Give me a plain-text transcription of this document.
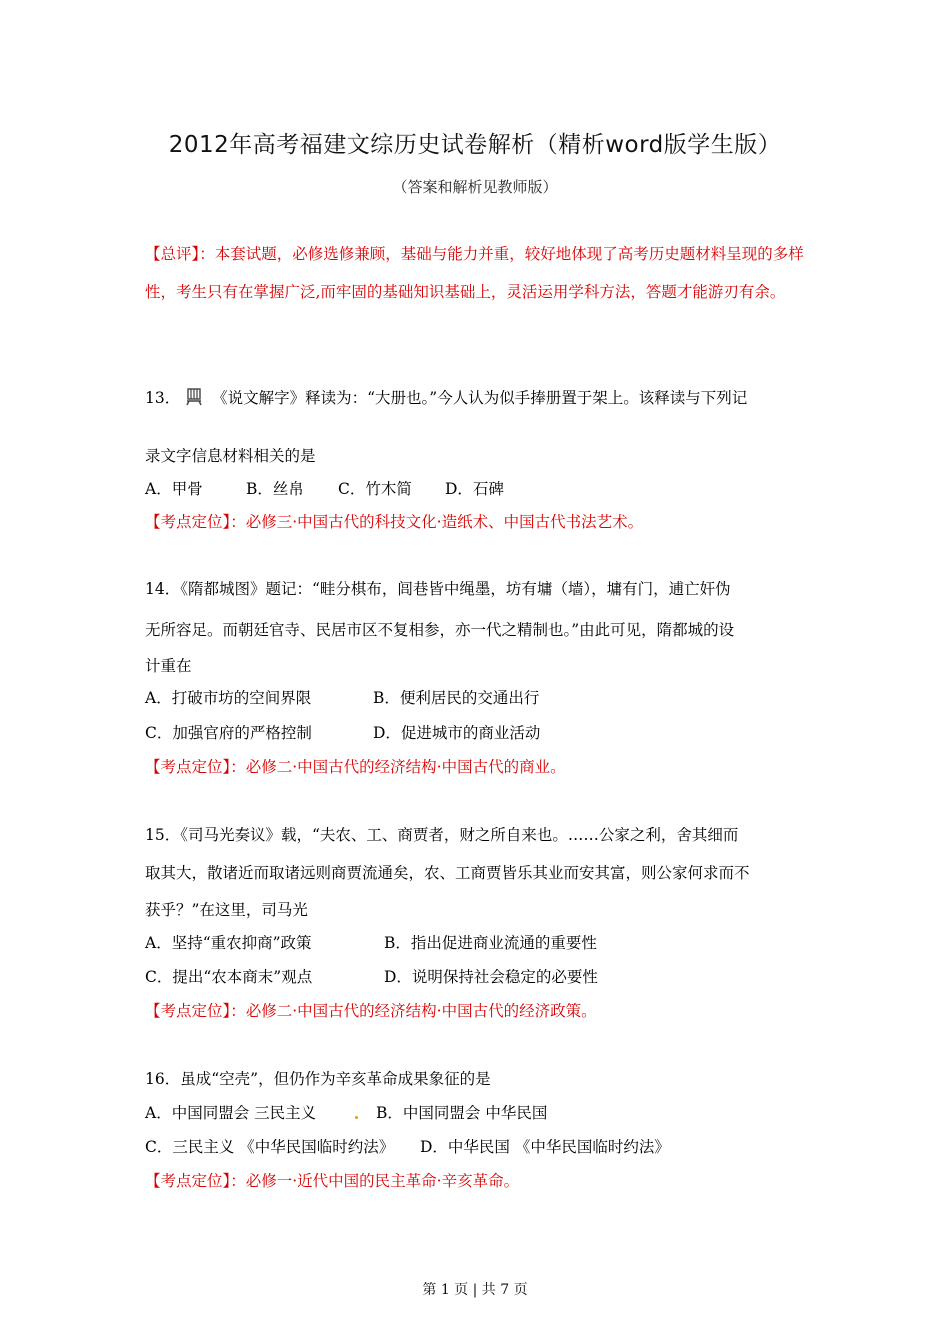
2012年高考福建文综历史试卷解析（精析word版学生版）
（答案和解析见教师版）
【总评】：本套试题，必修选修兼顾，基础与能力并重，较好地体现了高考历史题材料呈现的多样性，考生只有在掌握广泛,而牢固的基础知识基础上，灵活运用学科方法，答题才能游刃有余。
13． 《说文解字》释读为：“大册也。”今人认为似手捧册置于架上。该释读与下列记
录文字信息材料相关的是
A．甲骨	B．丝帛 C．竹木简 D．石碑
【考点定位】：必修三·中国古代的科技文化·造纸术、中国古代书法艺术。
14．《隋都城图》题记：“畦分棋布，闾巷皆中绳墨，坊有墉（墙），墉有门，逋亡奸伪
无所容足。而朝廷官寺、民居市区不复相参，亦一代之精制也。”由此可见，隋都城的设
计重在
A．打破市坊的空间界限	B．便利居民的交通出行
C．加强官府的严格控制	D．促进城市的商业活动
【考点定位】：必修二·中国古代的经济结构·中国古代的商业。
15．《司马光奏议》载，“夫农、工、商贾者，财之所自来也。……公家之利，舍其细而
取其大，散诸近而取诸远则商贾流通矣，农、工商贾皆乐其业而安其富，则公家何求而不
获乎？”在这里，司马光
A．坚持“重农抑商”政策	B．指出促进商业流通的重要性
C．提出“农本商末”观点	D．说明保持社会稳定的必要性
【考点定位】：必修二·中国古代的经济结构·中国古代的经济政策。
16．虽成“空壳”，但仍作为辛亥革命成果象征的是
A．中国同盟会 三民主义	B．中国同盟会 中华民国
C．三民主义 《中华民国临时约法》 D．中华民国 《中华民国临时约法》
【考点定位】：必修一·近代中国的民主革命·辛亥革命。
第 1 页 | 共 7 页
